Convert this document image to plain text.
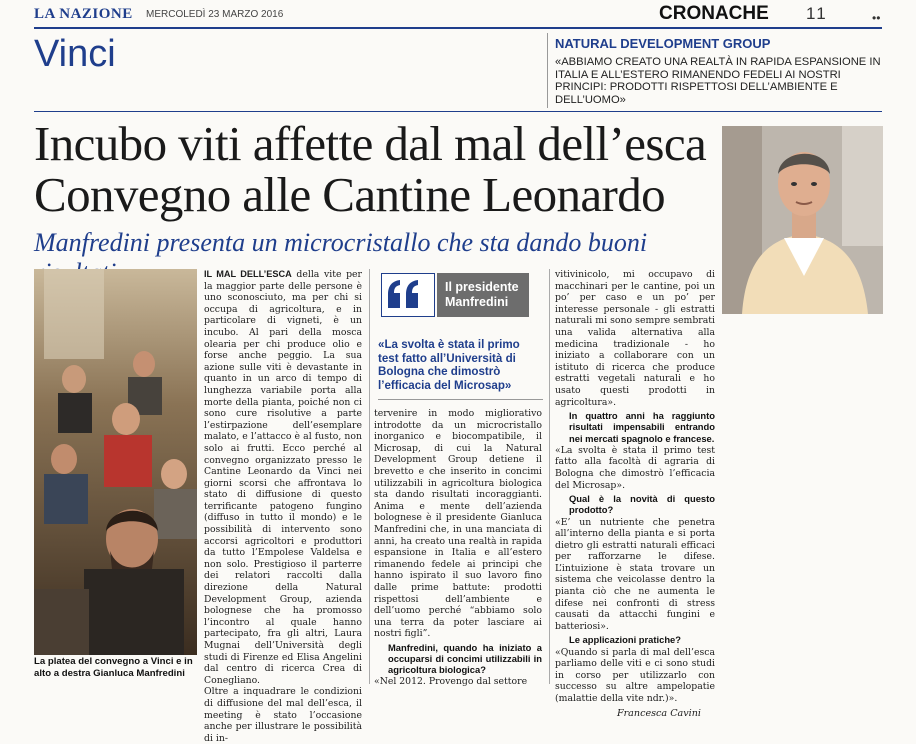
LA NAZIONE MERCOLEDÌ 23 MARZO 2016	CRONACHE 11	••
Vinci	NATURAL DEVELOPMENT GROUP
«ABBIAMO CREATO UNA REALTÀ IN RAPIDA ESPANSIONE IN ITALIA E ALL’ESTERO RIMANENDO FEDELI AI NOSTRI PRINCIPI: PRODOTTI RISPETTOSI DELL’AMBIENTE E DELL’UOMO»
Incubo viti affette dal mal dell’esca
Convegno alle Cantine Leonardo
Manfredini presenta un microcristallo che sta dando buoni
La platea del convegno a Vinci e in alto a destra Gianluca Manfredini

IL MAL DELL’ESCA della vite per la maggior parte delle persone è uno sconosciuto, ma per chi si occupa di agricoltura, e in particolare di vigneti, è un incubo. Al pari della mosca olearia per chi produce olio e forse anche peggio. La sua azione sulle viti è devastante in quanto in un arco di tempo di lunghezza variabile porta alla morte della pianta, poiché non ci sono cure risolutive a parte l’estirpazione dell’esemplare malato, e l’attacco è al fusto, non solo ai frutti. Ecco perché al convegno organizzato presso le Cantine Leonardo da Vinci nei giorni scorsi che affrontava lo stato di diffusione di questo terrificante patogeno fungino (diffuso in tutto il mondo) e le possibilità di intervento sono accorsi agricoltori e produttori da tutto l’Empolese Valdelsa e non solo. Prestigioso il parterre dei relatori raccolti dalla direzione della Natural Development Group, azienda bolognese che ha promosso l’incontro al quale hanno partecipato, fra gli altri, Laura Mugnai dell’Università degli studi di Firenze ed Elisa Angelini dal centro di ricerca Crea di Conegliano.

Oltre a inquadrare le condizioni di diffusione del mal dell’esca, il meeting è stato l’occasione anche per illustrare le possibilità di in-

Il presidente Manfredini
«La svolta è stata il primo test fatto all’Università di Bologna che dimostrò l’efficacia del Microsap»

tervenire in modo migliorativo introdotte da un microcristallo inorganico e biocompatibile, il Microsap, di cui la Natural Development Group detiene il brevetto e che inserito in concimi utilizzabili in agricoltura biologica sta dando risultati incoraggianti. Anima e mente dell’azienda bolognese è il presidente Gianluca Manfredini che, in una manciata di anni, ha creato una realtà in rapida espansione in Italia e all’estero rimanendo fedele ai principi che hanno ispirato il suo lavoro fino dalle prime battute: prodotti rispettosi dell’ambiente e dell’uomo perché “abbiamo solo una terra da poter lasciare ai nostri figli”.

Manfredini, quando ha iniziato a occuparsi di concimi utilizzabili in agricoltura biologica?

«Nel 2012. Provengo dal settore

vitivinicolo, mi occupavo di macchinari per le cantine, poi un po’ per caso e un po’ per interesse personale - gli estratti naturali mi sono sempre sembrati una valida alternativa alla medicina tradizionale - ho iniziato a collaborare con un istituto di ricerca che produce estratti vegetali naturali e ho usato questi prodotti in agricoltura».

In quattro anni ha raggiunto risultati impensabili entrando nei mercati spagnolo e francese.

«La svolta è stata il primo test fatto alla facoltà di agraria di Bologna che dimostrò l’efficacia del Microsap».

Qual è la novità di questo prodotto?

«E’ un nutriente che penetra all’interno della pianta e si porta dietro gli estratti naturali efficaci per rafforzarne le difese. L’intuizione è stata trovare un sistema che veicolasse dentro la pianta ciò che ne aumenta le difese nei confronti di stress causati da attacchi fungini e batteriosi».

Le applicazioni pratiche?

«Quando si parla di mal dell’esca parliamo delle viti e ci sono studi in corso per utilizzarlo con successo su altre ampelopatie (malattie della vite ndr.)».

Francesca Cavini
